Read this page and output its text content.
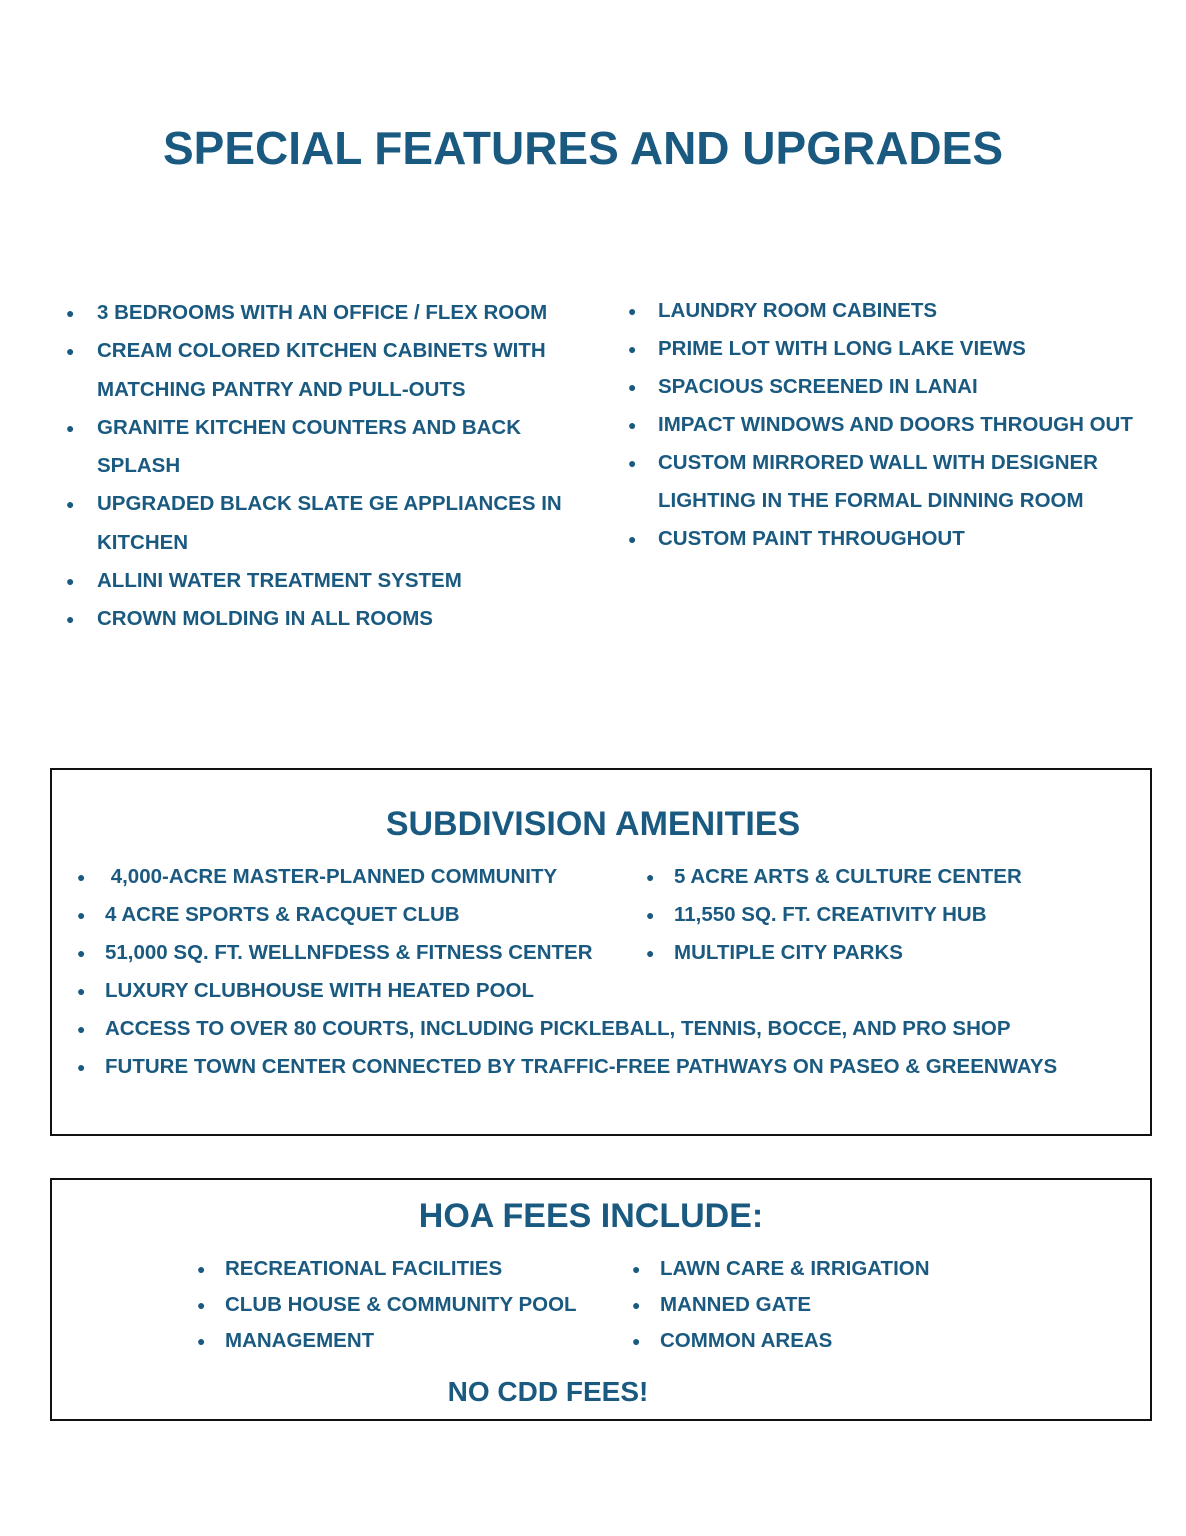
SPECIAL FEATURES AND UPGRADES
● 3 BEDROOMS WITH AN OFFICE / FLEX ROOM
● CREAM COLORED KITCHEN CABINETS WITH MATCHING PANTRY AND PULL-OUTS
● GRANITE KITCHEN COUNTERS AND BACK SPLASH
● UPGRADED BLACK SLATE GE APPLIANCES IN KITCHEN
● ALLINI WATER TREATMENT SYSTEM
● CROWN MOLDING IN ALL ROOMS
● LAUNDRY ROOM CABINETS
● PRIME LOT WITH LONG LAKE VIEWS
● SPACIOUS SCREENED IN LANAI
● IMPACT WINDOWS AND DOORS THROUGH OUT
● CUSTOM MIRRORED WALL WITH DESIGNER LIGHTING IN THE FORMAL DINNING ROOM
● CUSTOM PAINT THROUGHOUT
SUBDIVISION AMENITIES
● 4,000-ACRE MASTER-PLANNED COMMUNITY
● 4 ACRE SPORTS & RACQUET CLUB
● 51,000 SQ. FT. WELLNFDESS & FITNESS CENTER
● LUXURY CLUBHOUSE WITH HEATED POOL
● 5 ACRE ARTS & CULTURE CENTER
● 11,550 SQ. FT. CREATIVITY HUB
● MULTIPLE CITY PARKS
● ACCESS TO OVER 80 COURTS, INCLUDING PICKLEBALL, TENNIS, BOCCE, AND PRO SHOP
● FUTURE TOWN CENTER CONNECTED BY TRAFFIC-FREE PATHWAYS ON PASEO & GREENWAYS
HOA FEES INCLUDE:
● RECREATIONAL FACILITIES
● CLUB HOUSE & COMMUNITY POOL
● MANAGEMENT
● LAWN CARE & IRRIGATION
● MANNED GATE
● COMMON AREAS

NO CDD FEES!
